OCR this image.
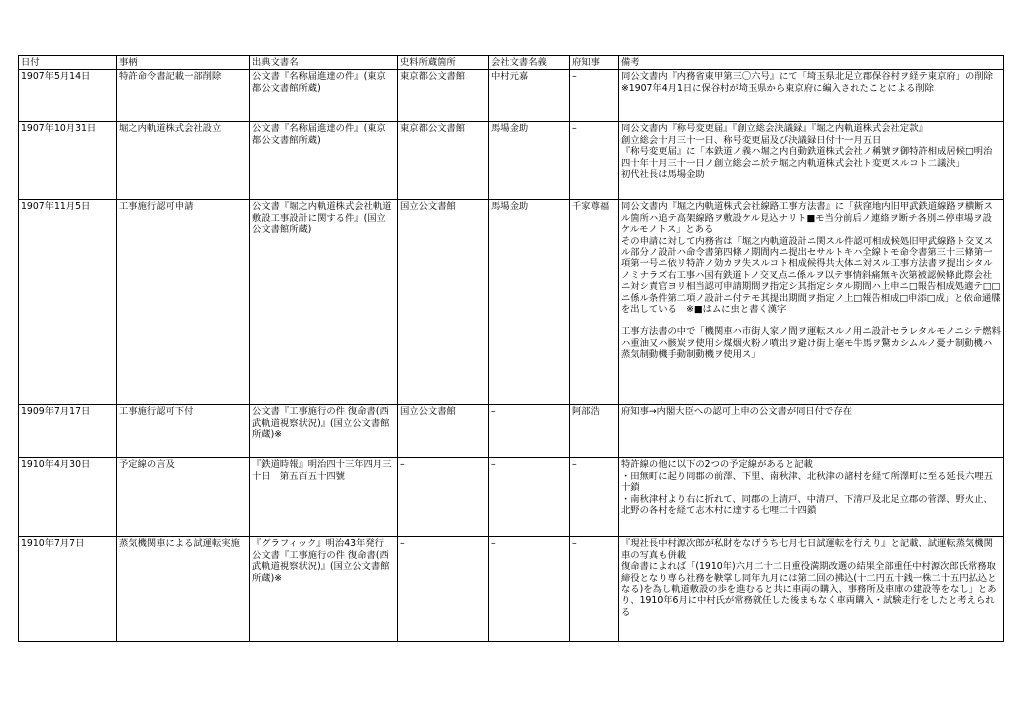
日付	事柄	出典文書名	史料所蔵箇所	会社文書名義	府知事	備考
1907年5月14日	特許命令書記載一部削除	公文書『名称届進達の件』(東京都公文書館所蔵)	東京都公文書館	中村元嘉	–	同公文書内『内務省東甲第三〇六号』にて「埼玉県北足立郡保谷村ヲ経テ東京府」の削除
※1907年4月1日に保谷村が埼玉県から東京府に編入されたことによる削除

1907年10月31日	堀之内軌道株式会社設立	公文書『名称届進達の件』(東京都公文書館所蔵)	東京都公文書館	馬場金助	–	同公文書内『称号変更届』『創立総会決議録』『堀之内軌道株式会社定款』
創立総会十月三十一日、称号変更届及び決議録日付十一月五日
『称号変更届』に「本鉄道ノ義ハ堀之内自動鉄道株式会社ノ稱號ヲ御特許相成居候□明治四十年十月三十一日ノ創立総会ニ於テ堀之内軌道株式会社ト変更スルコト二議決」
初代社長は馬場金助

1907年11月5日	工事施行認可申請	公文書『堀之内軌道株式会社軌道敷設工事設計に関する件』(国立公文書館所蔵)	国立公文書館	馬場金助	千家尊福	同公文書内『堀之内軌道株式会社線路工事方法書』に「荻窪地内旧甲武鉄道線路ヲ横断スル箇所ハ追テ高架線路ヲ敷設ケル見込ナリト■モ当分前后ノ連絡ヲ断チ各別ニ停車場ヲ設ケルモノトス」とある
その申請に対して内務省は「堀之内軌道設計ニ関スル件認可相成候処旧甲武線路ト交叉スル部分ノ設計ハ命令書第四條ノ期間内ニ提出セサルトキハ全線トモ命令書第三十三條第一項第一号ニ依リ特許ノ効カヲ失スルコト相成候得共大体ニ対スル工事方法書ヲ提出シタルノミナラズ右工事ハ国有鉄道トノ交叉点ニ係ルヲ以テ事情斜痛無キ次第被認候條此際会社ニ対シ責官ヨリ相当認可申請期間ヲ指定シ其指定シタル期間ハ上申ニ□報告相成処適テ□□ニ係ル条件第二項ノ設計ニ付テモ其提出期間ヲ指定ノ上□報告相成□申添□成」と依命通牒を出している　※■はムに虫と書く漢字
工事方法書の中で「機関車ハ市街人家ノ間ヲ運転スルノ用ニ設計セラレタルモノニシテ燃料ハ重油又ハ骸炭ヲ使用シ煤烟火粉ノ噴出ヲ避け街上毫モ牛馬ヲ驚カシムルノ憂ナ制動機ハ蒸気制動機手動制動機ヲ使用ス」

1909年7月17日	工事施行認可下付	公文書『工事施行の件 復命書(西武軌道視察状況)』(国立公文書館所蔵)※	国立公文書館	–	阿部浩	府知事→内閣大臣への認可上申の公文書が同日付で存在

1910年4月30日	予定線の言及	『鉄道時報』明治四十三年四月三十日　第五百五十四號	–	–	–	特許線の他に以下の2つの予定線があると記載
・田無町に起り同郡の前澤、下里、南秋津、北秋津の諸村を経て所澤町に至る延長六哩五十鎖
・南秋津村より右に折れて、同郡の上清戸、中清戸、下清戸及北足立郡の菅澤、野火止、北野の各村を経て志木村に達する七哩二十四鎖

1910年7月7日	蒸気機関車による試運転実施	『グラフィック』明治43年発行　公文書『工事施行の件 復命書(西武軌道視察状況)』(国立公文書館所蔵)※	–	–	–	『現社長中村源次郎が私財をなげうち七月七日試運転を行えり』と記載、試運転蒸気機関車の写真も併載
復命書によれば「(1910年)六月二十二日重役満期改選の結果全部重任中村源次郎氏常務取締役となり専ら社務を鞅掌し同年九月には第二回の拂込(十二円五十銭一株二十五円払込となる)を為し軌道敷設の歩を進むると共に車両の購入、事務所及車庫の建設等をなし」とあり、1910年6月に中村氏が常務就任した後まもなく車両購入・試験走行をしたと考えられる
